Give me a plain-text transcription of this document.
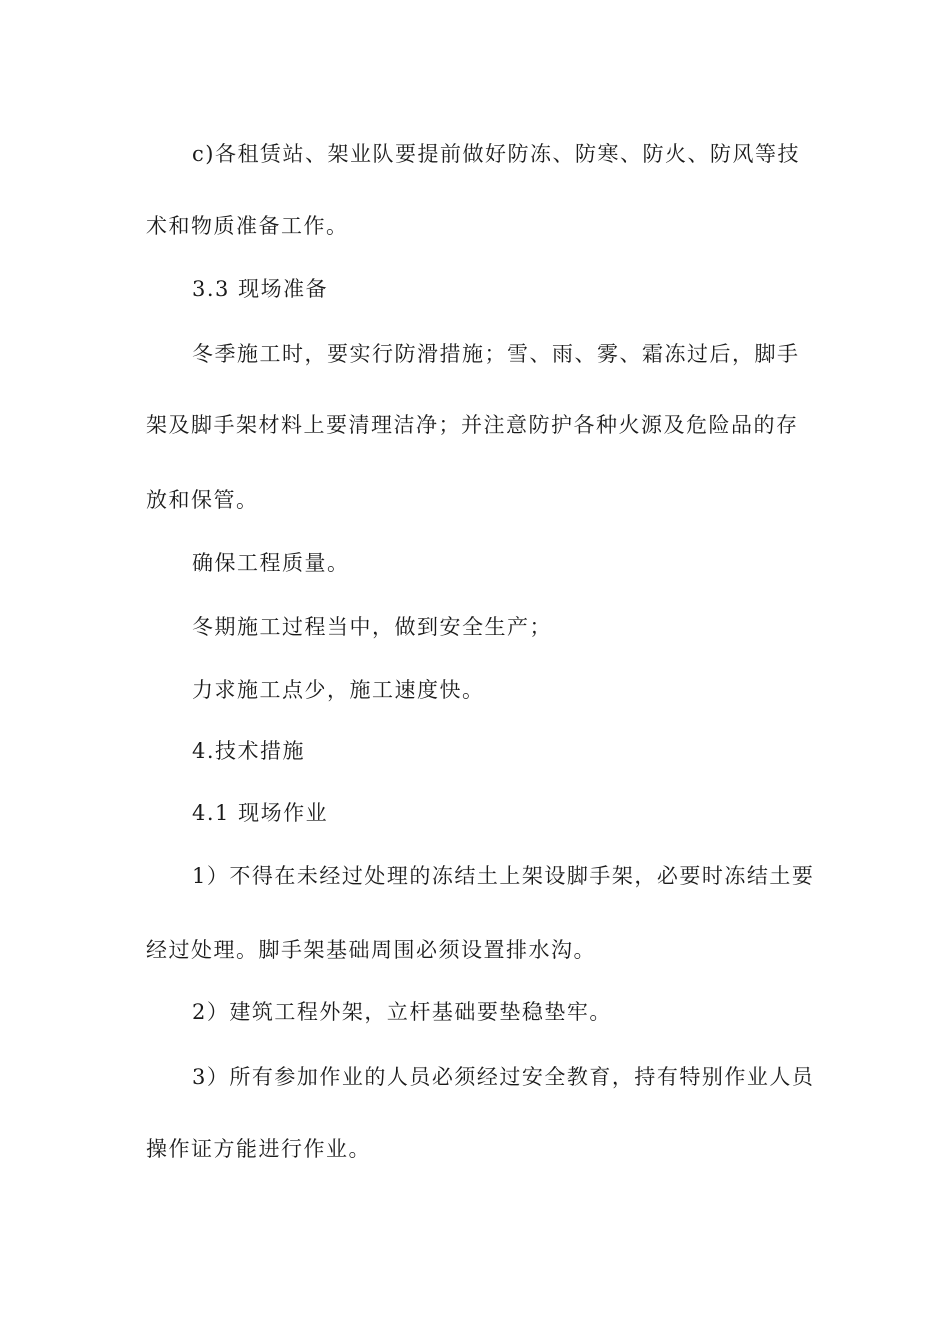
c)各租赁站、架业队要提前做好防冻、防寒、防火、防风等技
术和物质准备工作。
3.3 现场准备
冬季施工时，要实行防滑措施；雪、雨、雾、霜冻过后，脚手
架及脚手架材料上要清理洁净；并注意防护各种火源及危险品的存
放和保管。
确保工程质量。
冬期施工过程当中，做到安全生产；
力求施工点少，施工速度快。
4.技术措施
4.1 现场作业
1）不得在未经过处理的冻结土上架设脚手架，必要时冻结土要
经过处理。脚手架基础周围必须设置排水沟。
2）建筑工程外架，立杆基础要垫稳垫牢。
3）所有参加作业的人员必须经过安全教育，持有特别作业人员
操作证方能进行作业。
